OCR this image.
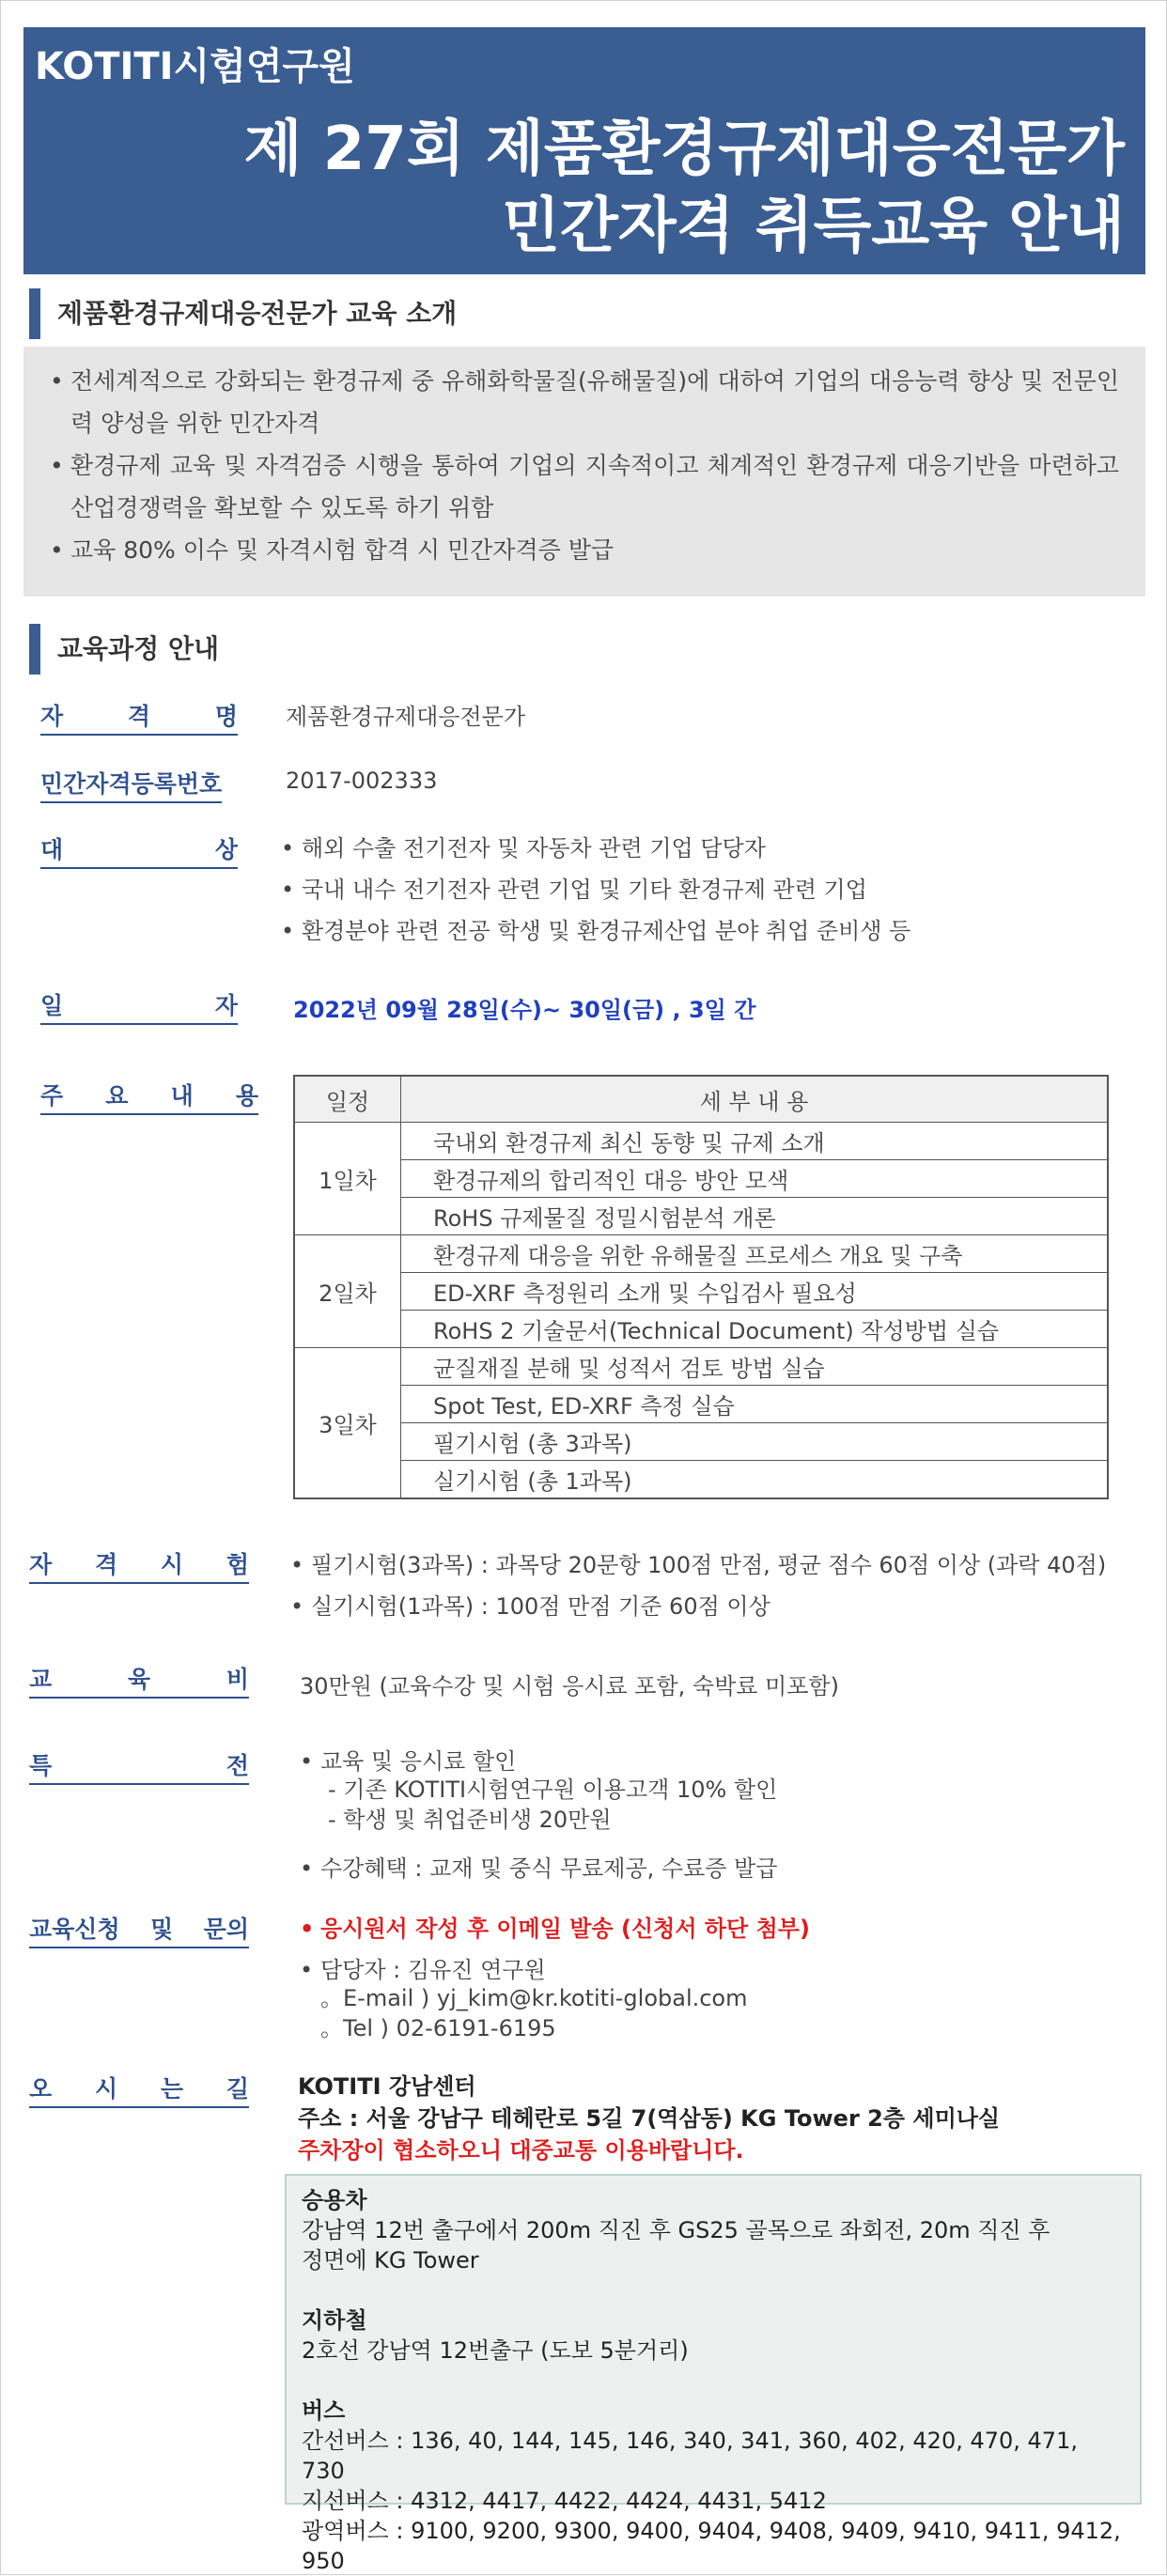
KOTITI시험연구원
제 27회 제품환경규제대응전문가
민간자격 취득교육 안내
제품환경규제대응전문가 교육 소개
• 전세계적으로 강화되는 환경규제 중 유해화학물질(유해물질)에 대하여 기업의 대응능력 향상 및 전문인력 양성을 위한 민간자격
• 환경규제 교육 및 자격검증 시행을 통하여 기업의 지속적이고 체계적인 환경규제 대응기반을 마련하고 산업경쟁력을 확보할 수 있도록 하기 위함
• 교육 80% 이수 및 자격시험 합격 시 민간자격증 발급
교육과정 안내
자	격	명 제품환경규제대응전문가
민간자격등록번호	2017-002333
대	상	• 해외 수출 전기전자 및 자동차 관련 기업 담당자
• 국내 내수 전기전자 관련 기업 및 기타 환경규제 관련 기업
• 환경분야 관련 전공 학생 및 환경규제산업 분야 취업 준비생 등
일	자 2022년 09월 28일(수)~ 30일(금) , 3일 간
주 요 내 용	일정	세 부 내 용
1일차	국내외 환경규제 최신 동향 및 규제 소개
	환경규제의 합리적인 대응 방안 모색
	RoHS 규제물질 정밀시험분석 개론
2일차	환경규제 대응을 위한 유해물질 프로세스 개요 및 구축
	ED-XRF 측정원리 소개 및 수입검사 필요성
	RoHS 2 기술문서(Technical Document) 작성방법 실습
3일차	균질재질 분해 및 성적서 검토 방법 실습
	Spot Test, ED-XRF 측정 실습
	필기시험 (총 3과목)
	실기시험 (총 1과목)
자 격 시 험	• 필기시험(3과목) : 과목당 20문항 100점 만점, 평균 점수 60점 이상 (과락 40점)
• 실기시험(1과목) : 100점 만점 기준 60점 이상
교	육	비 30만원 (교육수강 및 시험 응시료 포함, 숙박료 미포함)
특	전	• 교육 및 응시료 할인
- 기존 KOTITI시험연구원 이용고객 10% 할인
- 학생 및 취업준비생 20만원
• 수강혜택 : 교재 및 중식 무료제공, 수료증 발급
교육신청 및 문의	• 응시원서 작성 후 이메일 발송 (신청서 하단 첨부)
• 담당자 : 김유진 연구원
。E-mail ) yj_kim@kr.kotiti-global.com
。Tel ) 02-6191-6195
오 시 는 길 KOTITI 강남센터
주소 : 서울 강남구 테헤란로 5길 7(역삼동) KG Tower 2층 세미나실
주차장이 협소하오니 대중교통 이용바랍니다.
승용차
강남역 12번 출구에서 200m 직진 후 GS25 골목으로 좌회전, 20m 직진 후
정면에 KG Tower
지하철
2호선 강남역 12번출구 (도보 5분거리)
버스
간선버스 : 136, 40, 144, 145, 146, 340, 341, 360, 402, 420, 470, 471, 730
지선버스 : 4312, 4417, 4422, 4424, 4431, 5412
광역버스 : 9100, 9200, 9300, 9400, 9404, 9408, 9409, 9410, 9411, 9412, 950
